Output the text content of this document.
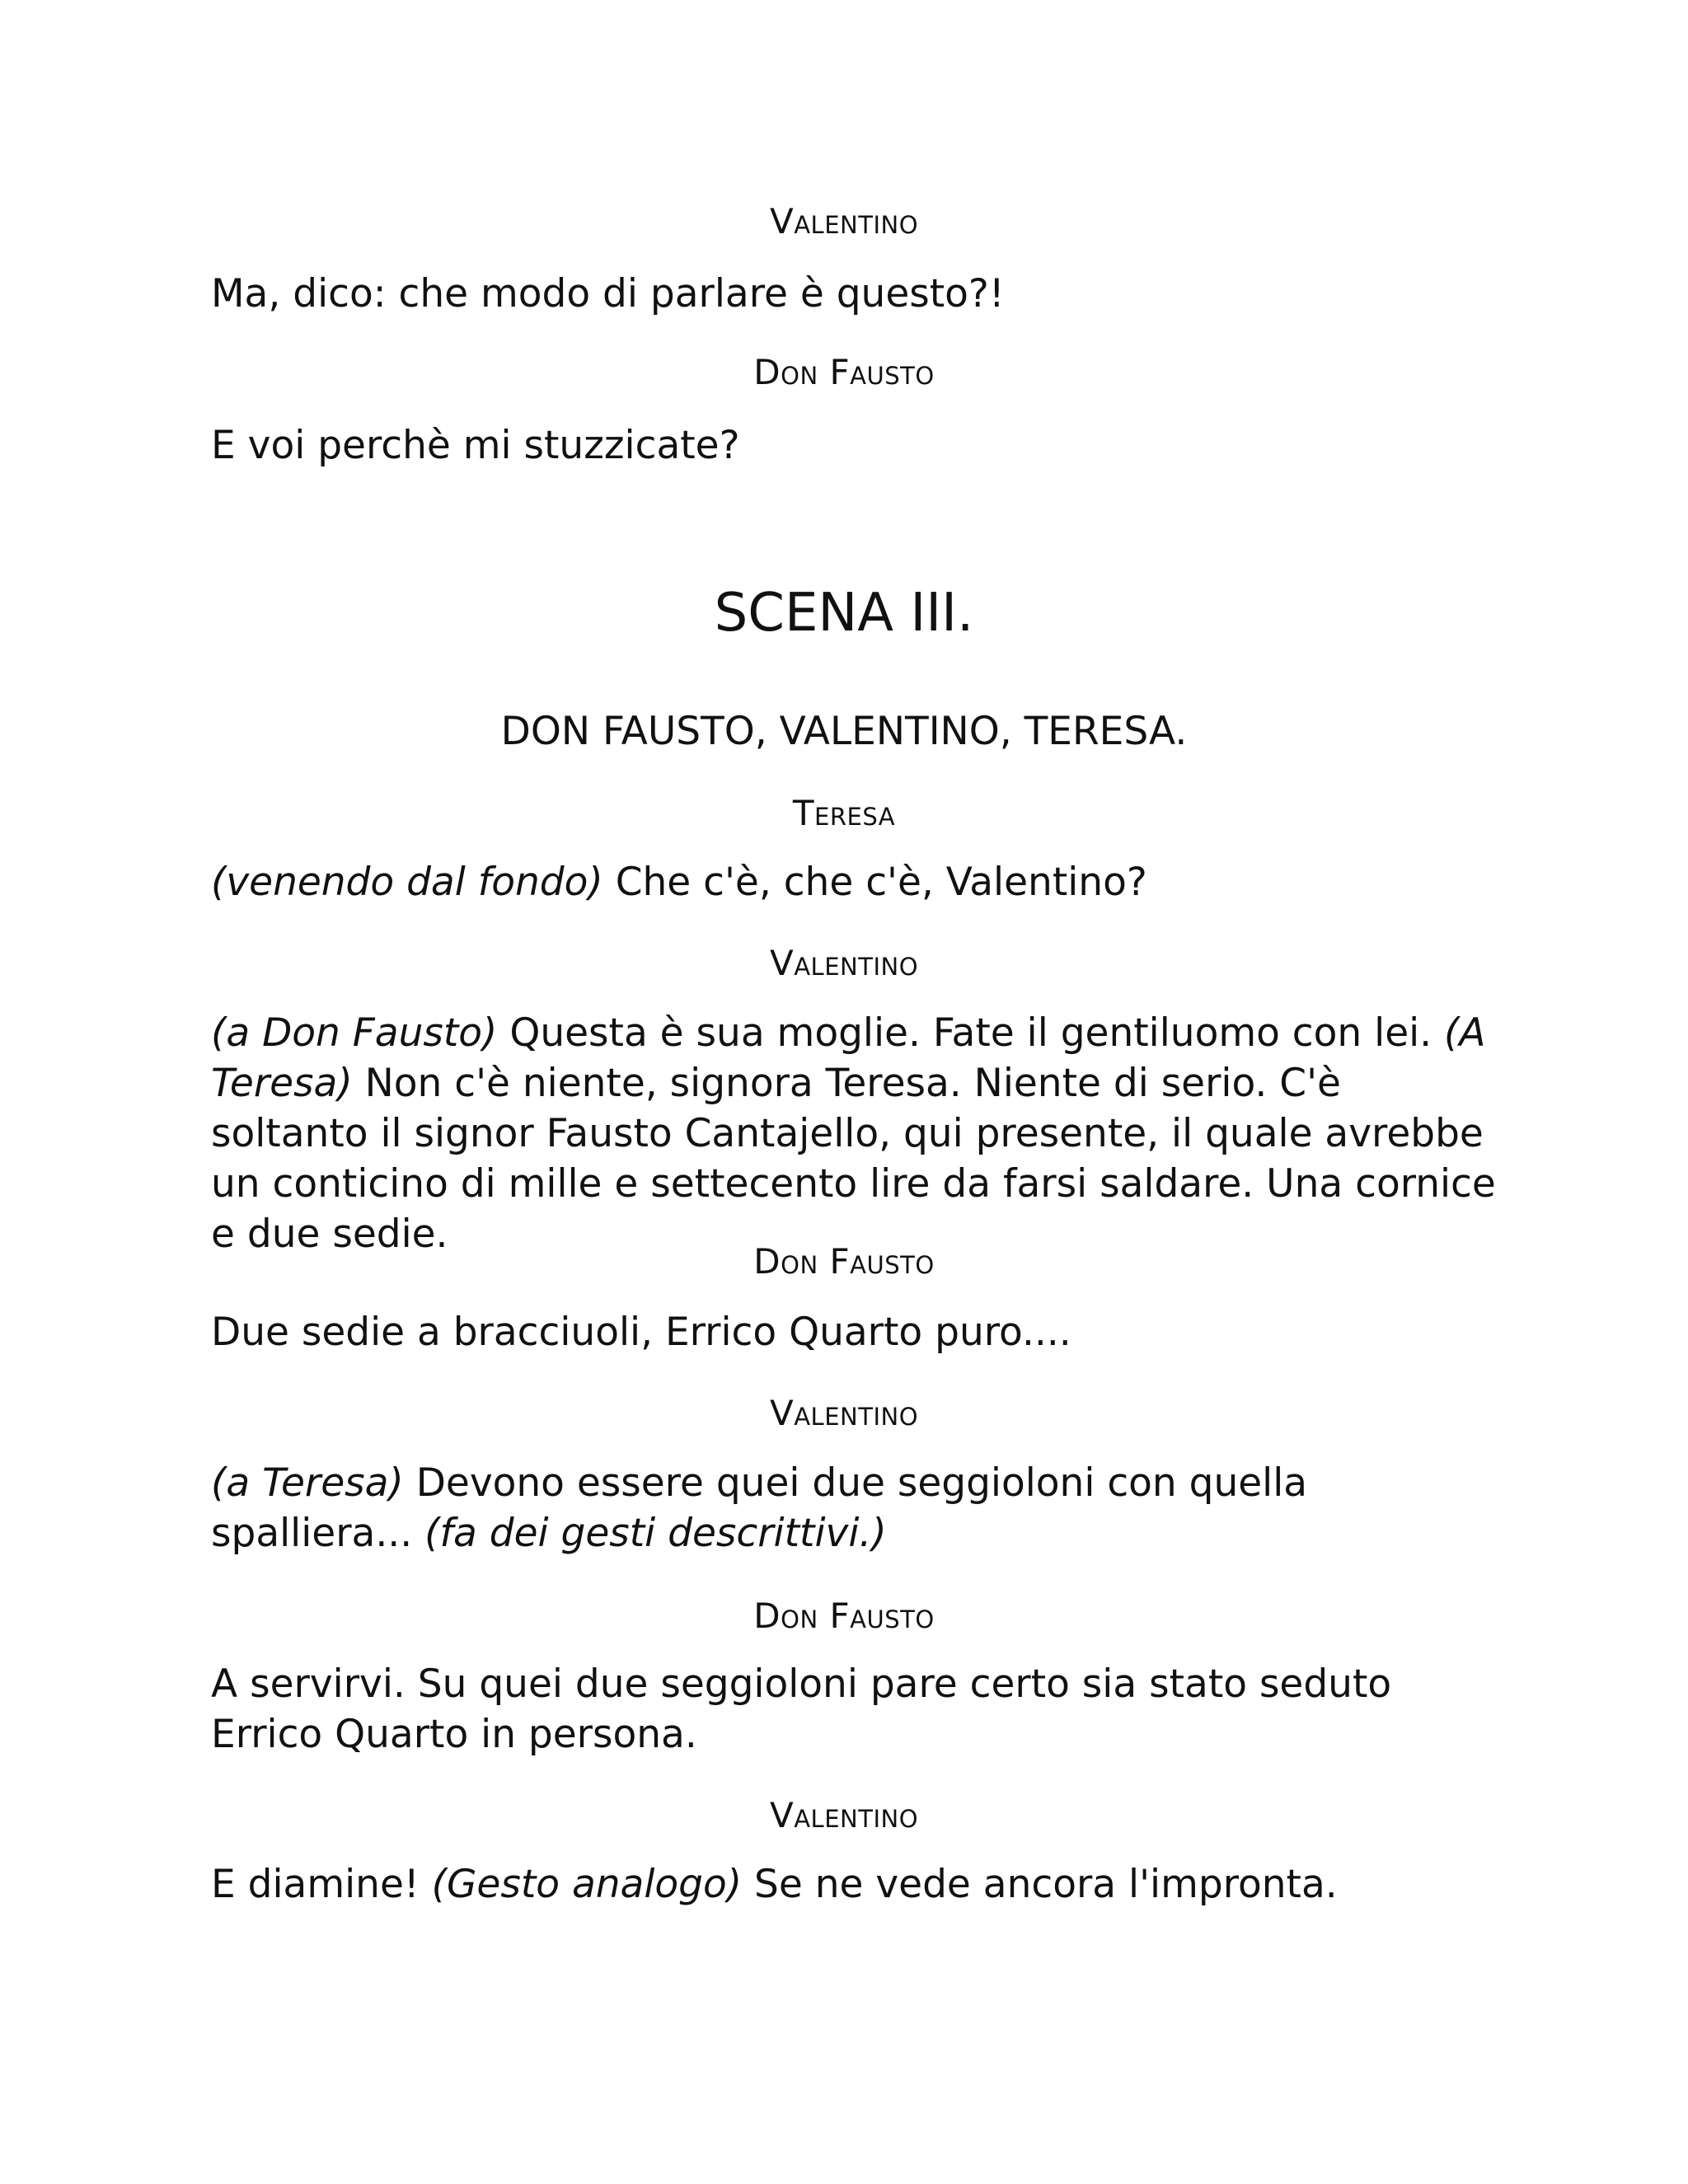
Valentino
Ma, dico: che modo di parlare è questo?!
Don Fausto
E voi perchè mi stuzzicate?
SCENA III.
DON FAUSTO, VALENTINO, TERESA.
Teresa
(venendo dal fondo) Che c'è, che c'è, Valentino?
Valentino
(a Don Fausto) Questa è sua moglie. Fate il gentiluomo con lei. (A Teresa) Non c'è niente, signora Teresa. Niente di serio. C'è soltanto il signor Fausto Cantajello, qui presente, il quale avrebbe un conticino di mille e settecento lire da farsi saldare. Una cornice e due sedie.
Don Fausto
Due sedie a bracciuoli, Errico Quarto puro....
Valentino
(a Teresa) Devono essere quei due seggioloni con quella spalliera... (fa dei gesti descrittivi.)
Don Fausto
A servirvi. Su quei due seggioloni pare certo sia stato seduto Errico Quarto in persona.
Valentino
E diamine! (Gesto analogo) Se ne vede ancora l'impronta.
